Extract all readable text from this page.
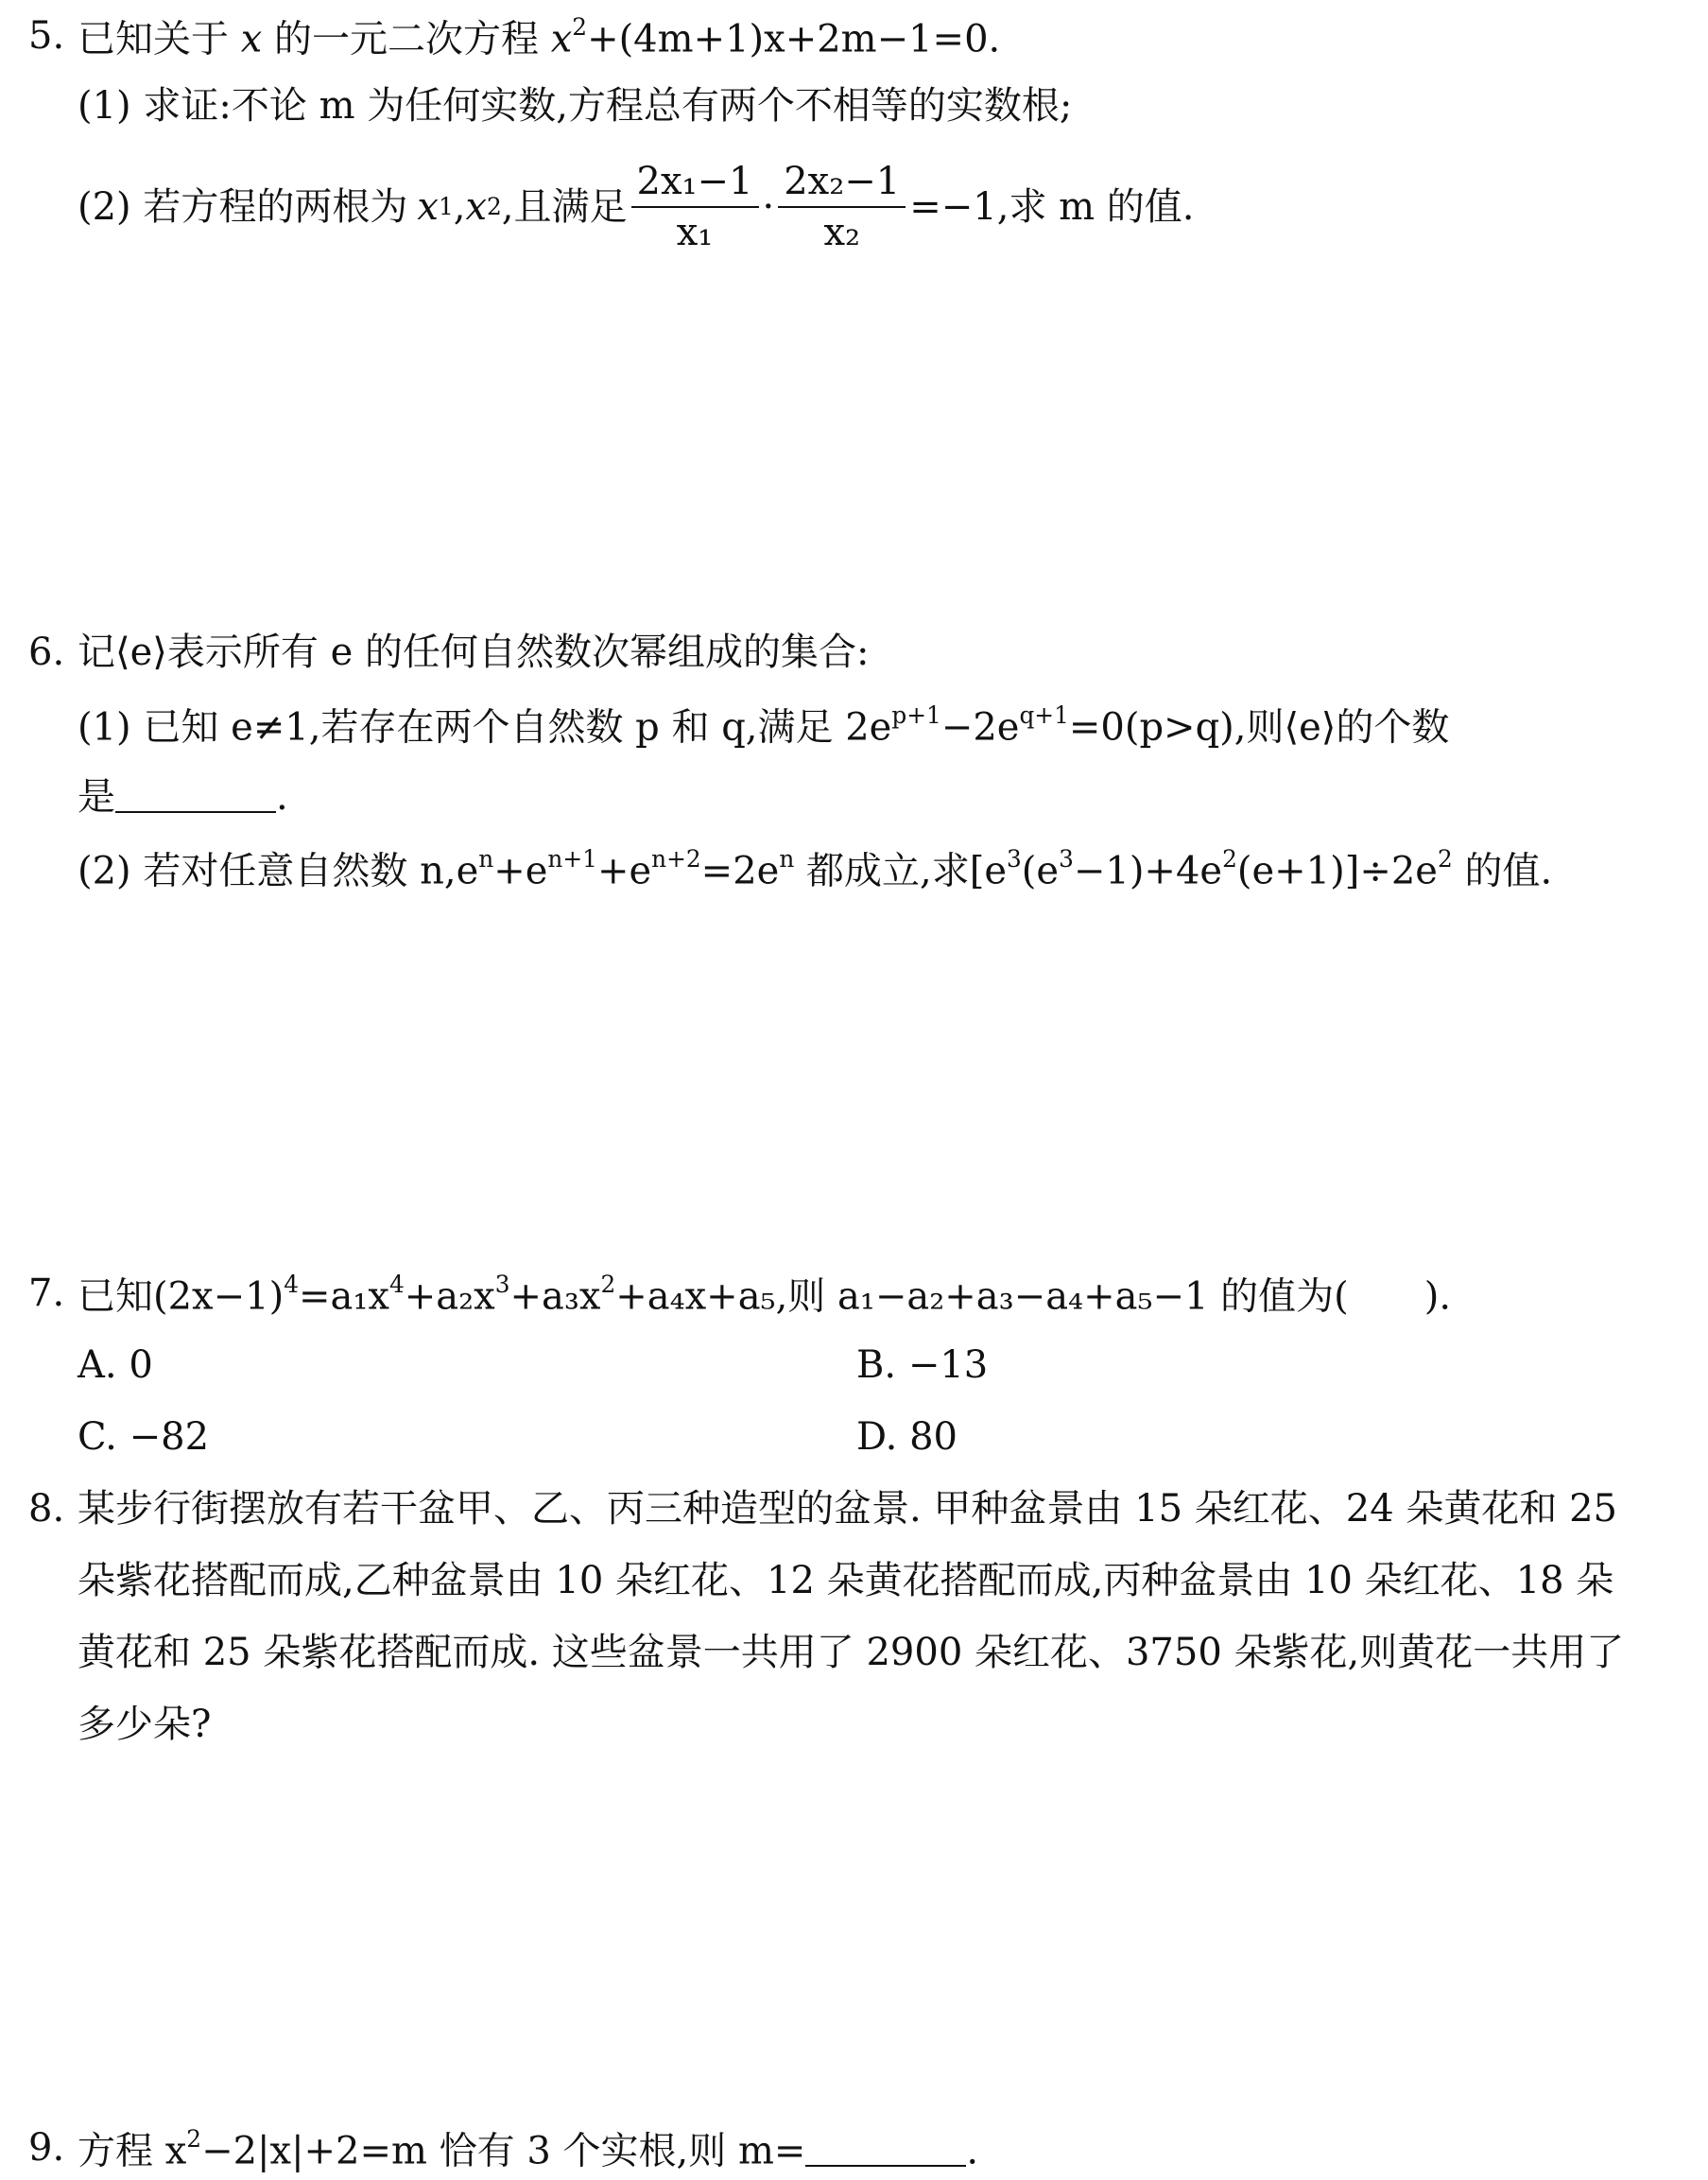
5. 已知关于 x 的一元二次方程 $x^2+(4m+1)x+2m-1=0$.
(1) 求证:不论 m 为任何实数,方程总有两个不相等的实数根;
(2) 若方程的两根为 x 1 , x 2 ,且满足 $\frac{\text{2x₁−1}}{\text{x₁}} \cdot \frac{\text{2x₂−1}}{\text{x₂}} =-1$,求 m 的值.
6. 记⟨e⟩表示所有 e 的任何自然数次幂组成的集合:
(1) 已知 e≠1,若存在两个自然数 p 和 q,满足 $2e^{p+1}-2e^{q+1}=0(p>q)$,则⟨e⟩的个数
是	.
(2) 若对任意自然数 $n,e^n+e^{n+1}+e^{n+2}=2e^n$ 都成立,求$[e^3(e^3-1)+4e^2(e+1)]\div 2e^2$ 的值.
7. 已知$(2x-1)^4=a_1x^4+a_2x^3+a_3x^2+a_4x+a_5$,则 a₁−a₂+a₃−a₄+a₅−1 的值为( ).
A. 0	B. −13
C. −82	D. 80
8. 某步行街摆放有若干盆甲、乙、丙三种造型的盆景. 甲种盆景由 15 朵红花、24 朵黄花和 25
朵紫花搭配而成,乙种盆景由 10 朵红花、12 朵黄花搭配而成,丙种盆景由 10 朵红花、18 朵
黄花和 25 朵紫花搭配而成. 这些盆景一共用了 2900 朵红花、3750 朵紫花,则黄花一共用了
多少朵?
9. 方程 $x^2-2|x|+2=m$ 恰有 3 个实根,则 m=	.
